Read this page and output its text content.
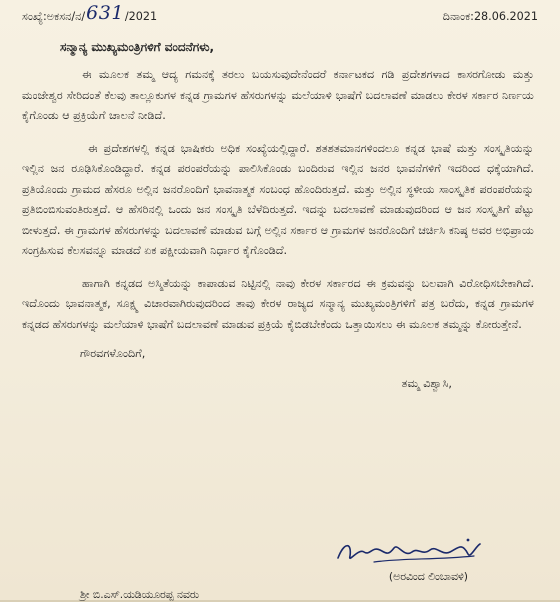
ಸಂಖ್ಯೆ:ಅಕಸನ/ನ/ 631 /2021	ದಿನಾಂಕ:28.06.2021
ಸನ್ಮಾನ್ಯ ಮುಖ್ಯಮಂತ್ರಿಗಳಿಗೆ ವಂದನೆಗಳು,

ಈ ಮೂಲಕ ತಮ್ಮ ಆದ್ಯ ಗಮನಕ್ಕೆ ತರಲು ಬಯಸುವುದೇನೆಂದರೆ ಕರ್ನಾಟಕದ ಗಡಿ ಪ್ರದೇಶಗಳಾದ ಕಾಸರಗೋಡು ಮತ್ತು ಮಂಜೇಶ್ವರ ಸೇರಿದಂತೆ ಕೆಲವು ತಾಲ್ಲೂಕುಗಳ ಕನ್ನಡ ಗ್ರಾಮಗಳ ಹೆಸರುಗಳನ್ನು ಮಲೆಯಾಳಿ ಭಾಷೆಗೆ ಬದಲಾವಣೆ ಮಾಡಲು ಕೇರಳ ಸರ್ಕಾರ ನಿರ್ಣಯ ಕೈಗೊಂಡು ಆ ಪ್ರಕ್ರಿಯೆಗೆ ಚಾಲನೆ ನೀಡಿದೆ.

ಈ ಪ್ರದೇಶಗಳಲ್ಲಿ ಕನ್ನಡ ಭಾಷಿಕರು ಅಧಿಕ ಸಂಖ್ಯೆಯಲ್ಲಿದ್ದಾರೆ. ಶತಶತಮಾನಗಳಿಂದಲೂ ಕನ್ನಡ ಭಾಷೆ ಮತ್ತು ಸಂಸ್ಕೃತಿಯನ್ನು ಇಲ್ಲಿನ ಜನ ರೂಢಿಸಿಕೊಂಡಿದ್ದಾರೆ. ಕನ್ನಡ ಪರಂಪರೆಯನ್ನು ಪಾಲಿಸಿಕೊಂಡು ಬಂದಿರುವ ಇಲ್ಲಿನ ಜನರ ಭಾವನೆಗಳಿಗೆ ಇದರಿಂದ ಧಕ್ಕೆಯಾಗಿದೆ. ಪ್ರತಿಯೊಂದು ಗ್ರಾಮದ ಹೆಸರೂ ಅಲ್ಲಿನ ಜನರೊಂದಿಗೆ ಭಾವನಾತ್ಮಕ ಸಂಬಂಧ ಹೊಂದಿರುತ್ತದೆ. ಮತ್ತು ಅಲ್ಲಿನ ಸ್ಥಳೀಯ ಸಾಂಸ್ಕೃತಿಕ ಪರಂಪರೆಯನ್ನು ಪ್ರತಿಬಿಂಬಿಸುವಂತಿರುತ್ತದೆ. ಆ ಹೆಸರಿನಲ್ಲಿ ಒಂದು ಜನ ಸಂಸ್ಕೃತಿ ಬೆಳೆದಿರುತ್ತದೆ. ಇದನ್ನು ಬದಲಾವಣೆ ಮಾಡುವುದರಿಂದ ಆ ಜನ ಸಂಸ್ಕೃತಿಗೆ ಪೆಟ್ಟು ಬೀಳುತ್ತದೆ. ಈ ಗ್ರಾಮಗಳ ಹೆಸರುಗಳನ್ನು ಬದಲಾವಣೆ ಮಾಡುವ ಬಗ್ಗೆ ಅಲ್ಲಿನ ಸರ್ಕಾರ ಆ ಗ್ರಾಮಗಳ ಜನರೊಂದಿಗೆ ಚರ್ಚಿಸಿ ಕನಿಷ್ಠ ಅವರ ಅಭಿಪ್ರಾಯ ಸಂಗ್ರಹಿಸುವ ಕೆಲಸವನ್ನೂ ಮಾಡದೆ ಏಕ ಪಕ್ಷೀಯವಾಗಿ ನಿರ್ಧಾರ ಕೈಗೊಂಡಿದೆ.

ಹಾಗಾಗಿ ಕನ್ನಡದ ಅಸ್ಮಿತೆಯನ್ನು ಕಾಪಾಡುವ ನಿಟ್ಟಿನಲ್ಲಿ ನಾವು ಕೇರಳ ಸರ್ಕಾರದ ಈ ಕ್ರಮವನ್ನು ಬಲವಾಗಿ ವಿರೋಧಿಸಬೇಕಾಗಿದೆ. ಇದೊಂದು ಭಾವನಾತ್ಮಕ, ಸೂಕ್ಷ್ಮ ವಿಚಾರವಾಗಿರುವುದರಿಂದ ತಾವು ಕೇರಳ ರಾಜ್ಯದ ಸನ್ಮಾನ್ಯ ಮುಖ್ಯಮಂತ್ರಿಗಳಿಗೆ ಪತ್ರ ಬರೆದು, ಕನ್ನಡ ಗ್ರಾಮಗಳ ಕನ್ನಡದ ಹೆಸರುಗಳನ್ನು ಮಲೆಯಾಳಿ ಭಾಷೆಗೆ ಬದಲಾವಣೆ ಮಾಡುವ ಪ್ರಕ್ರಿಯೆ ಕೈಬಿಡಬೇಕೆಂದು ಒತ್ತಾಯಿಸಲು ಈ ಮೂಲಕ ತಮ್ಮನ್ನು ಕೋರುತ್ತೇನೆ.

ಗೌರವಗಳೊಂದಿಗೆ,
ತಮ್ಮ ವಿಶ್ವಾಸಿ,
(ಅರವಿಂದ ಲಿಂಬಾವಳಿ)
ಶ್ರೀ ಬಿ.ಎಸ್.ಯಡಿಯೂರಪ್ಪ ನವರು
